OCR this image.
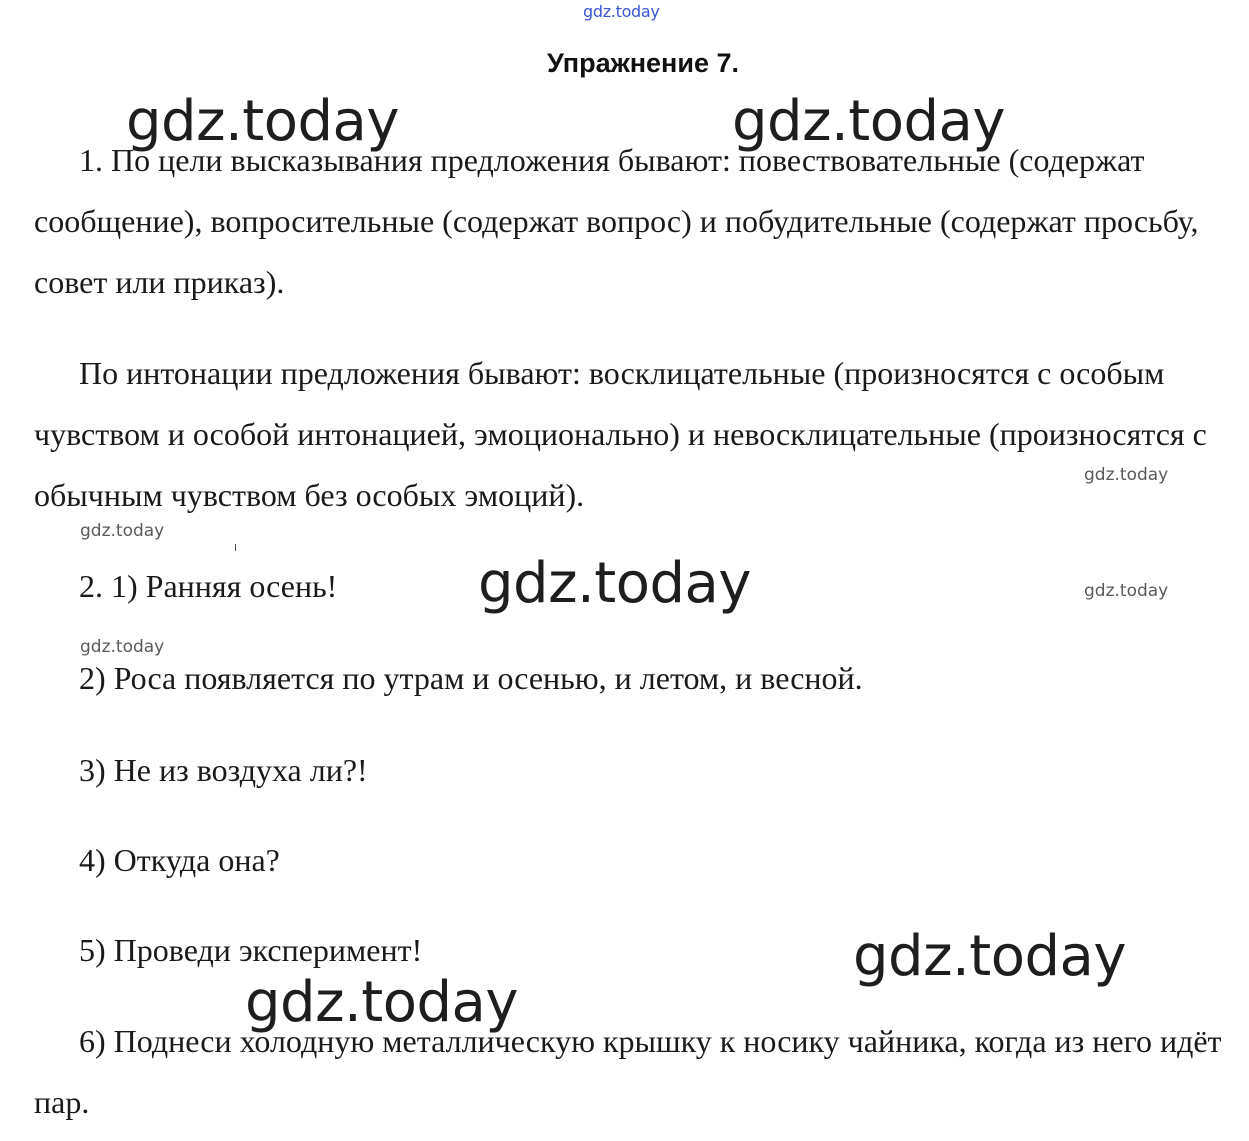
gdz.today
Упражнение 7.
1. По цели высказывания предложения бывают: повествовательные (содержат сообщение), вопросительные (содержат вопрос) и побудительные (содержат просьбу, совет или приказ).
По интонации предложения бывают: восклицательные (произносятся с особым чувством и особой интонацией, эмоционально) и невосклицательные (произносятся с обычным чувством без особых эмоций).
2. 1) Ранняя осень!
2) Роса появляется по утрам и осенью, и летом, и весной.
3) Не из воздуха ли?!
4) Откуда она?
5) Проведи эксперимент!
6) Поднеси холодную металлическую крышку к носику чайника, когда из него идёт пар.
gdz.today	gdz.today
gdz.today
gdz.today
gdz.today
gdz.today
gdz.today
gdz.today
gdz.today
